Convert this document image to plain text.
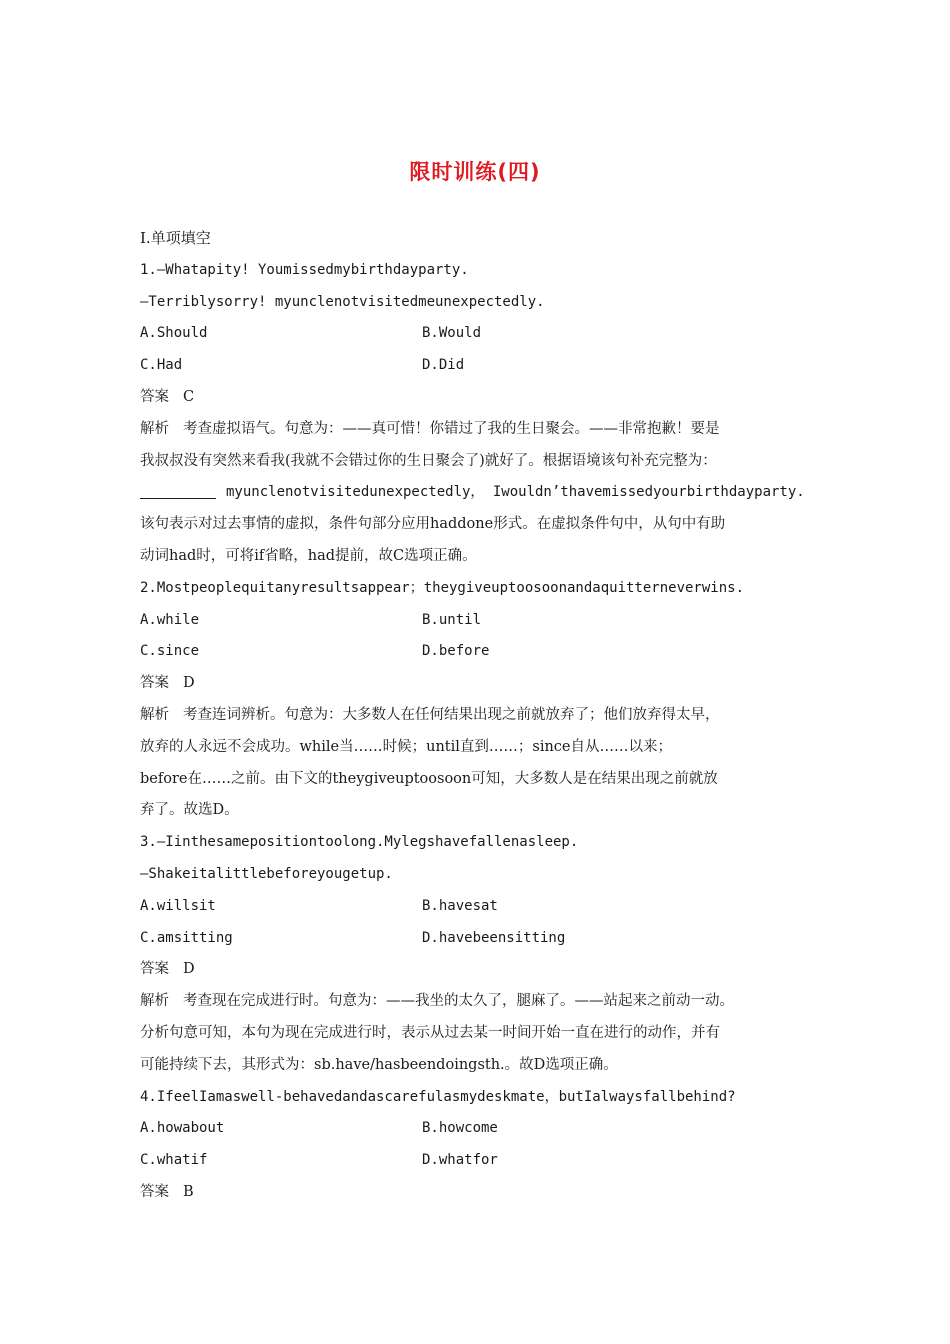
限时训练(四)
Ⅰ.单项填空
1.—Whatapity! Youmissedmybirthdayparty.
—Terriblysorry! myunclenotvisitedmeunexpectedly.
A.Should	B.Would
C.Had	D.Did
答案 C
解析 考查虚拟语气。句意为：——真可惜！你错过了我的生日聚会。——非常抱歉！要是
我叔叔没有突然来看我(我就不会错过你的生日聚会了)就好了。根据语境该句补充完整为：
myunclenotvisitedunexpectedly， Iwouldn’thavemissedyourbirthdayparty.
该句表示对过去事情的虚拟，条件句部分应用haddone形式。在虚拟条件句中，从句中有助
动词had时，可将if省略，had提前，故C选项正确。
2.Mostpeoplequitanyresultsappear；theygiveuptoosoonandaquitterneverwins.
A.while	B.until
C.since	D.before
答案 D
解析 考查连词辨析。句意为：大多数人在任何结果出现之前就放弃了；他们放弃得太早，
放弃的人永远不会成功。while当……时候；until直到……；since自从……以来；
before在……之前。由下文的theygiveuptoosoon可知，大多数人是在结果出现之前就放
弃了。故选D。
3.—Iinthesamepositiontoolong.Mylegshavefallenasleep.
—Shakeitalittlebeforeyougetup.
A.willsit	B.havesat
C.amsitting	D.havebeensitting
答案 D
解析 考查现在完成进行时。句意为：——我坐的太久了，腿麻了。——站起来之前动一动。
分析句意可知，本句为现在完成进行时，表示从过去某一时间开始一直在进行的动作，并有
可能持续下去，其形式为：sb.have/hasbeendoingsth.。故D选项正确。
4.IfeelIamaswell-behavedandascarefulasmydeskmate，butIalwaysfallbehind?
A.howabout	B.howcome
C.whatif	D.whatfor
答案 B
